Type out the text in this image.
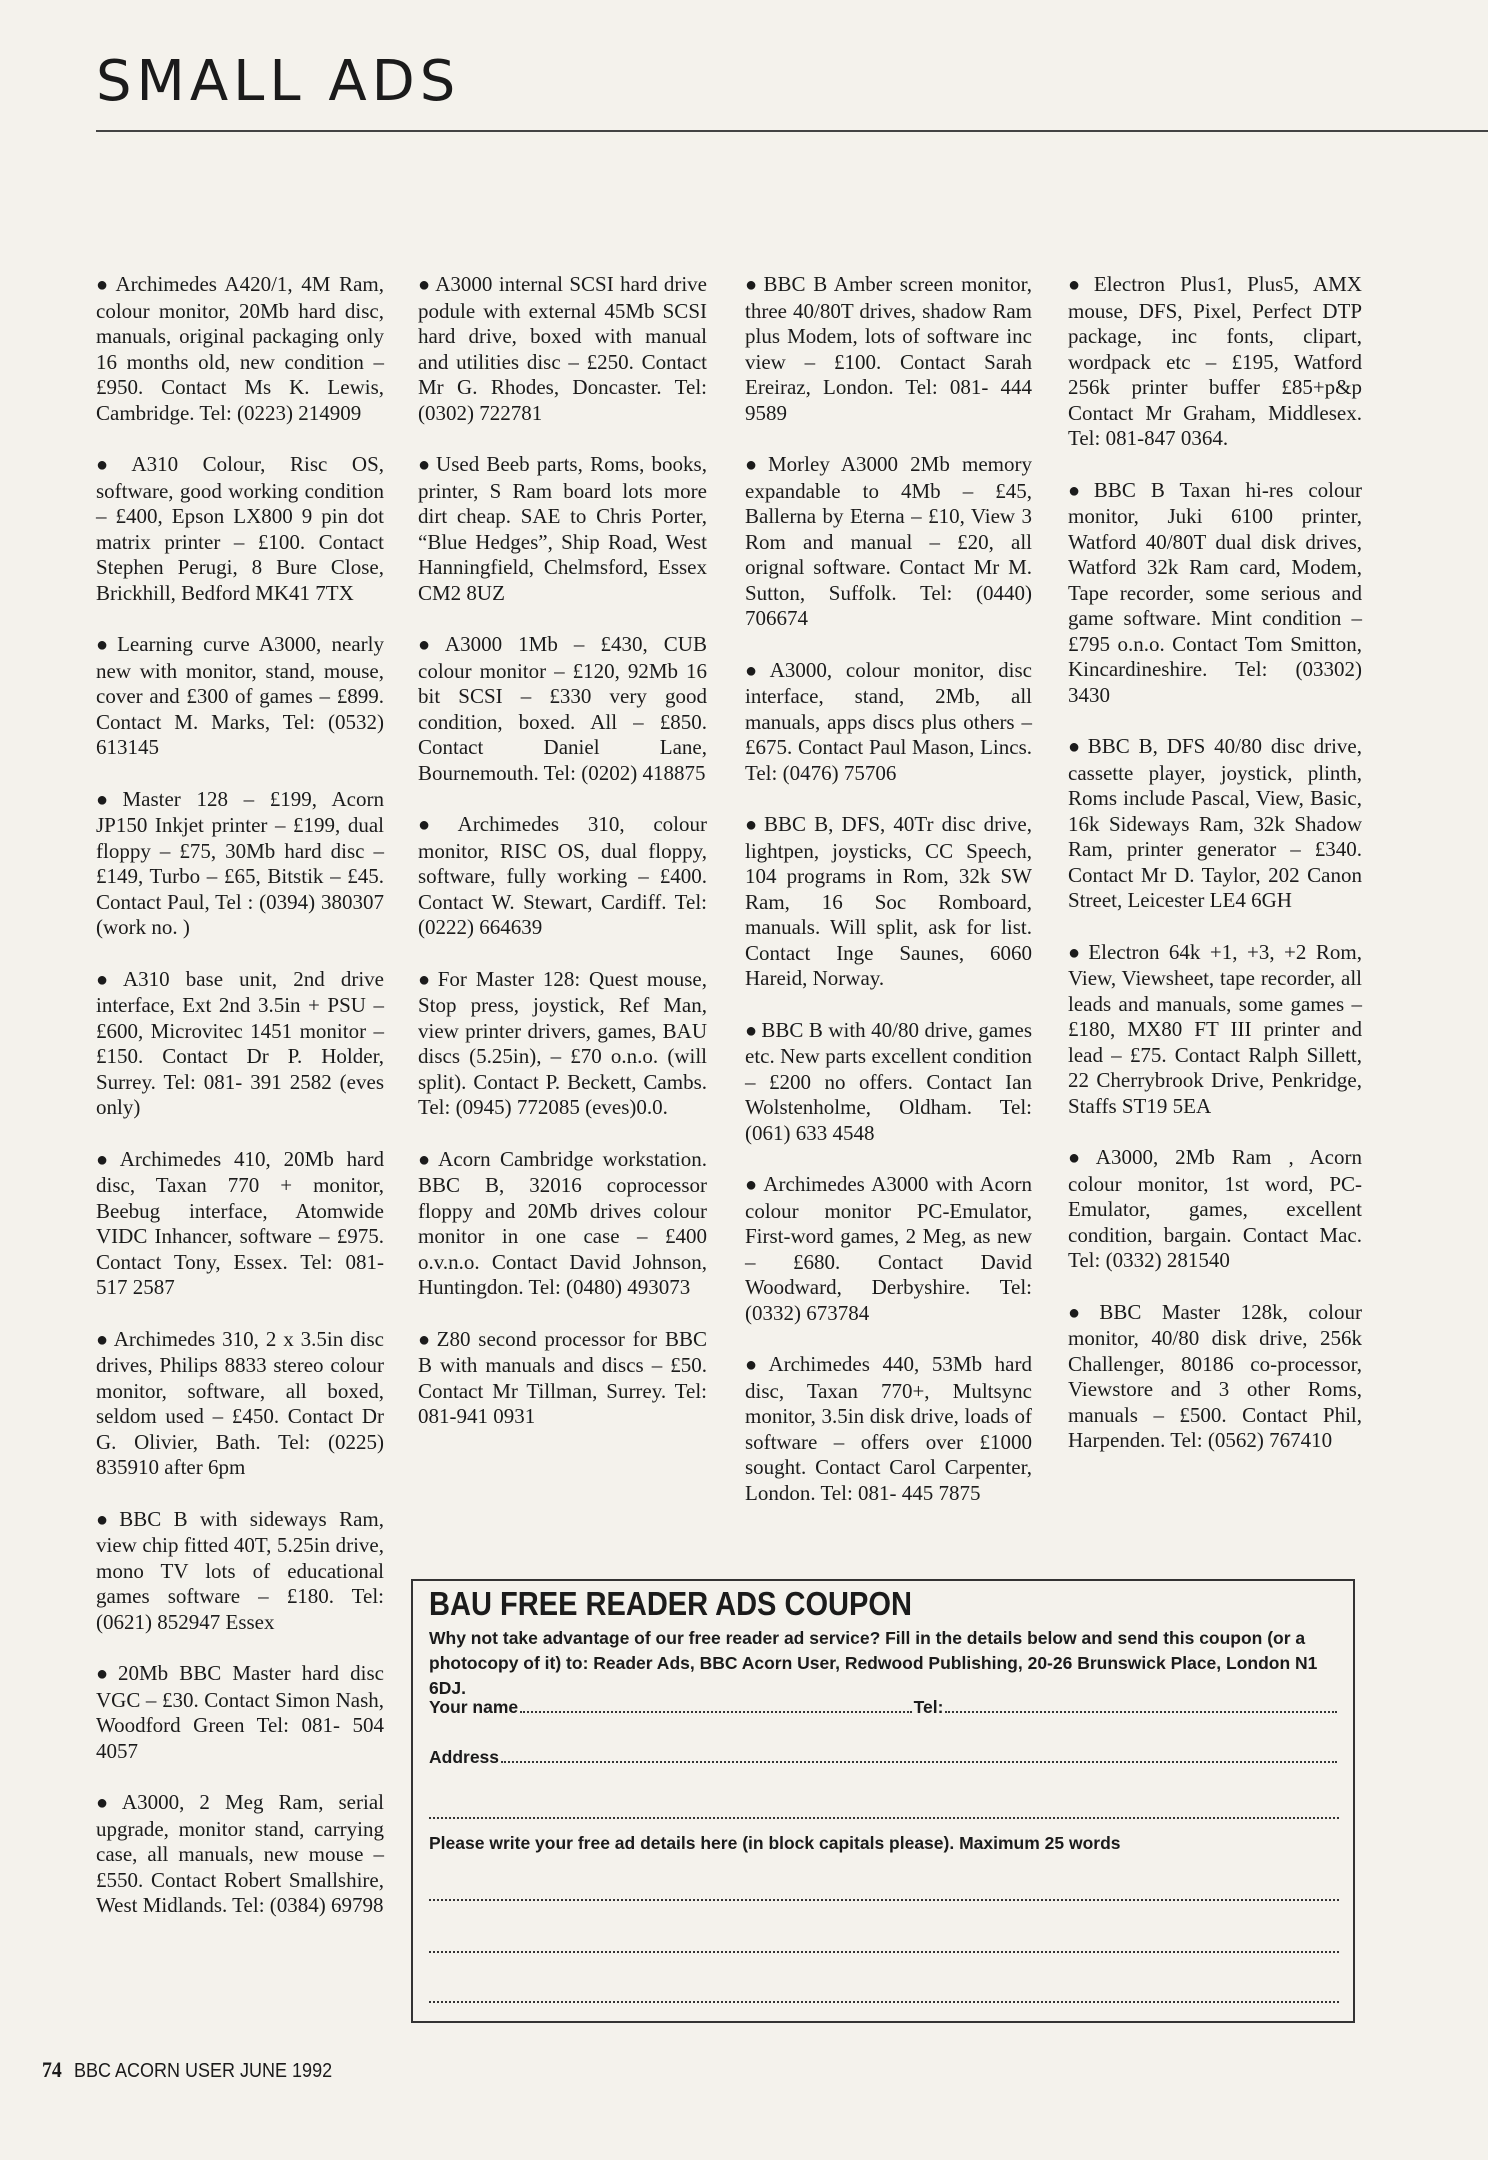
SMALL ADS

● Archimedes A420/1, 4M Ram, colour monitor, 20Mb hard disc, manuals, original packaging only 16 months old, new condition – £950. Contact Ms K. Lewis, Cambridge. Tel: (0223) 214909

● A310 Colour, Risc OS, software, good working condition – £400, Epson LX800 9 pin dot matrix printer – £100. Contact Stephen Perugi, 8 Bure Close, Brickhill, Bedford MK41 7TX

● Learning curve A3000, nearly new with monitor, stand, mouse, cover and £300 of games – £899. Contact M. Marks, Tel: (0532) 613145

● Master 128 – £199, Acorn JP150 Inkjet printer – £199, dual floppy – £75, 30Mb hard disc – £149, Turbo – £65, Bitstik – £45. Contact Paul, Tel : (0394) 380307 (work no. )

● A310 base unit, 2nd drive interface, Ext 2nd 3.5in + PSU – £600, Microvitec 1451 monitor – £150. Contact Dr P. Holder, Surrey. Tel: 081- 391 2582 (eves only)

● Archimedes 410, 20Mb hard disc, Taxan 770 + monitor, Beebug interface, Atomwide VIDC Inhancer, software – £975. Contact Tony, Essex. Tel: 081-517 2587

● Archimedes 310, 2 x 3.5in disc drives, Philips 8833 stereo colour monitor, software, all boxed, seldom used – £450. Contact Dr G. Olivier, Bath. Tel: (0225) 835910 after 6pm

● BBC B with sideways Ram, view chip fitted 40T, 5.25in drive, mono TV lots of educational games software – £180. Tel: (0621) 852947 Essex

● 20Mb BBC Master hard disc VGC – £30. Contact Simon Nash, Woodford Green Tel: 081- 504 4057

● A3000, 2 Meg Ram, serial upgrade, monitor stand, carrying case, all manuals, new mouse – £550. Contact Robert Smallshire, West Midlands. Tel: (0384) 69798

● A3000 internal SCSI hard drive podule with external 45Mb SCSI hard drive, boxed with manual and utilities disc – £250. Contact Mr G. Rhodes, Doncaster. Tel: (0302) 722781

● Used Beeb parts, Roms, books, printer, S Ram board lots more dirt cheap. SAE to Chris Porter, “Blue Hedges”, Ship Road, West Hanningfield, Chelmsford, Essex CM2 8UZ

● A3000 1Mb – £430, CUB colour monitor – £120, 92Mb 16 bit SCSI – £330 very good condition, boxed. All – £850. Contact Daniel Lane, Bournemouth. Tel: (0202) 418875

● Archimedes 310, colour monitor, RISC OS, dual floppy, software, fully working – £400. Contact W. Stewart, Cardiff. Tel: (0222) 664639

● For Master 128: Quest mouse, Stop press, joystick, Ref Man, view printer drivers, games, BAU discs (5.25in), – £70 o.n.o. (will split). Contact P. Beckett, Cambs. Tel: (0945) 772085 (eves)0.0.

● Acorn Cambridge workstation. BBC B, 32016 coprocessor floppy and 20Mb drives colour monitor in one case – £400 o.v.n.o. Contact David Johnson, Huntingdon. Tel: (0480) 493073

● Z80 second processor for BBC B with manuals and discs – £50. Contact Mr Tillman, Surrey. Tel: 081-941 0931

● BBC B Amber screen monitor, three 40/80T drives, shadow Ram plus Modem, lots of software inc view – £100. Contact Sarah Ereiraz, London. Tel: 081- 444 9589

● Morley A3000 2Mb memory expandable to 4Mb – £45, Ballerna by Eterna – £10, View 3 Rom and manual – £20, all orignal software. Contact Mr M. Sutton, Suffolk. Tel: (0440) 706674

● A3000, colour monitor, disc interface, stand, 2Mb, all manuals, apps discs plus others – £675. Contact Paul Mason, Lincs. Tel: (0476) 75706

● BBC B, DFS, 40Tr disc drive, lightpen, joysticks, CC Speech, 104 programs in Rom, 32k SW Ram, 16 Soc Romboard, manuals. Will split, ask for list. Contact Inge Saunes, 6060 Hareid, Norway.

● BBC B with 40/80 drive, games etc. New parts excellent condition – £200 no offers. Contact Ian Wolstenholme, Oldham. Tel: (061) 633 4548

● Archimedes A3000 with Acorn colour monitor PC-Emulator, First-word games, 2 Meg, as new – £680. Contact David Woodward, Derbyshire. Tel: (0332) 673784

● Archimedes 440, 53Mb hard disc, Taxan 770+, Multsync monitor, 3.5in disk drive, loads of software – offers over £1000 sought. Contact Carol Carpenter, London. Tel: 081- 445 7875

● Electron Plus1, Plus5, AMX mouse, DFS, Pixel, Perfect DTP package, inc fonts, clipart, wordpack etc – £195, Watford 256k printer buffer £85+p&p Contact Mr Graham, Middlesex. Tel: 081-847 0364.

● BBC B Taxan hi-res colour monitor, Juki 6100 printer, Watford 40/80T dual disk drives, Watford 32k Ram card, Modem, Tape recorder, some serious and game software. Mint condition – £795 o.n.o. Contact Tom Smitton, Kincardineshire. Tel: (03302) 3430

● BBC B, DFS 40/80 disc drive, cassette player, joystick, plinth, Roms include Pascal, View, Basic, 16k Sideways Ram, 32k Shadow Ram, printer generator – £340. Contact Mr D. Taylor, 202 Canon Street, Leicester LE4 6GH

● Electron 64k +1, +3, +2 Rom, View, Viewsheet, tape recorder, all leads and manuals, some games – £180, MX80 FT III printer and lead – £75. Contact Ralph Sillett, 22 Cherrybrook Drive, Penkridge, Staffs ST19 5EA

● A3000, 2Mb Ram , Acorn colour monitor, 1st word, PC-Emulator, games, excellent condition, bargain. Contact Mac. Tel: (0332) 281540

● BBC Master 128k, colour monitor, 40/80 disk drive, 256k Challenger, 80186 co-processor, Viewstore and 3 other Roms, manuals – £500. Contact Phil, Harpenden. Tel: (0562) 767410

BAU FREE READER ADS COUPON

Why not take advantage of our free reader ad service? Fill in the details below and send this coupon (or a photocopy of it) to: Reader Ads, BBC Acorn User, Redwood Publishing, 20-26 Brunswick Place, London N1 6DJ.

Your name	Tel:
Address
Please write your free ad details here (in block capitals please). Maximum 25 words
74 BBC ACORN USER JUNE 1992
